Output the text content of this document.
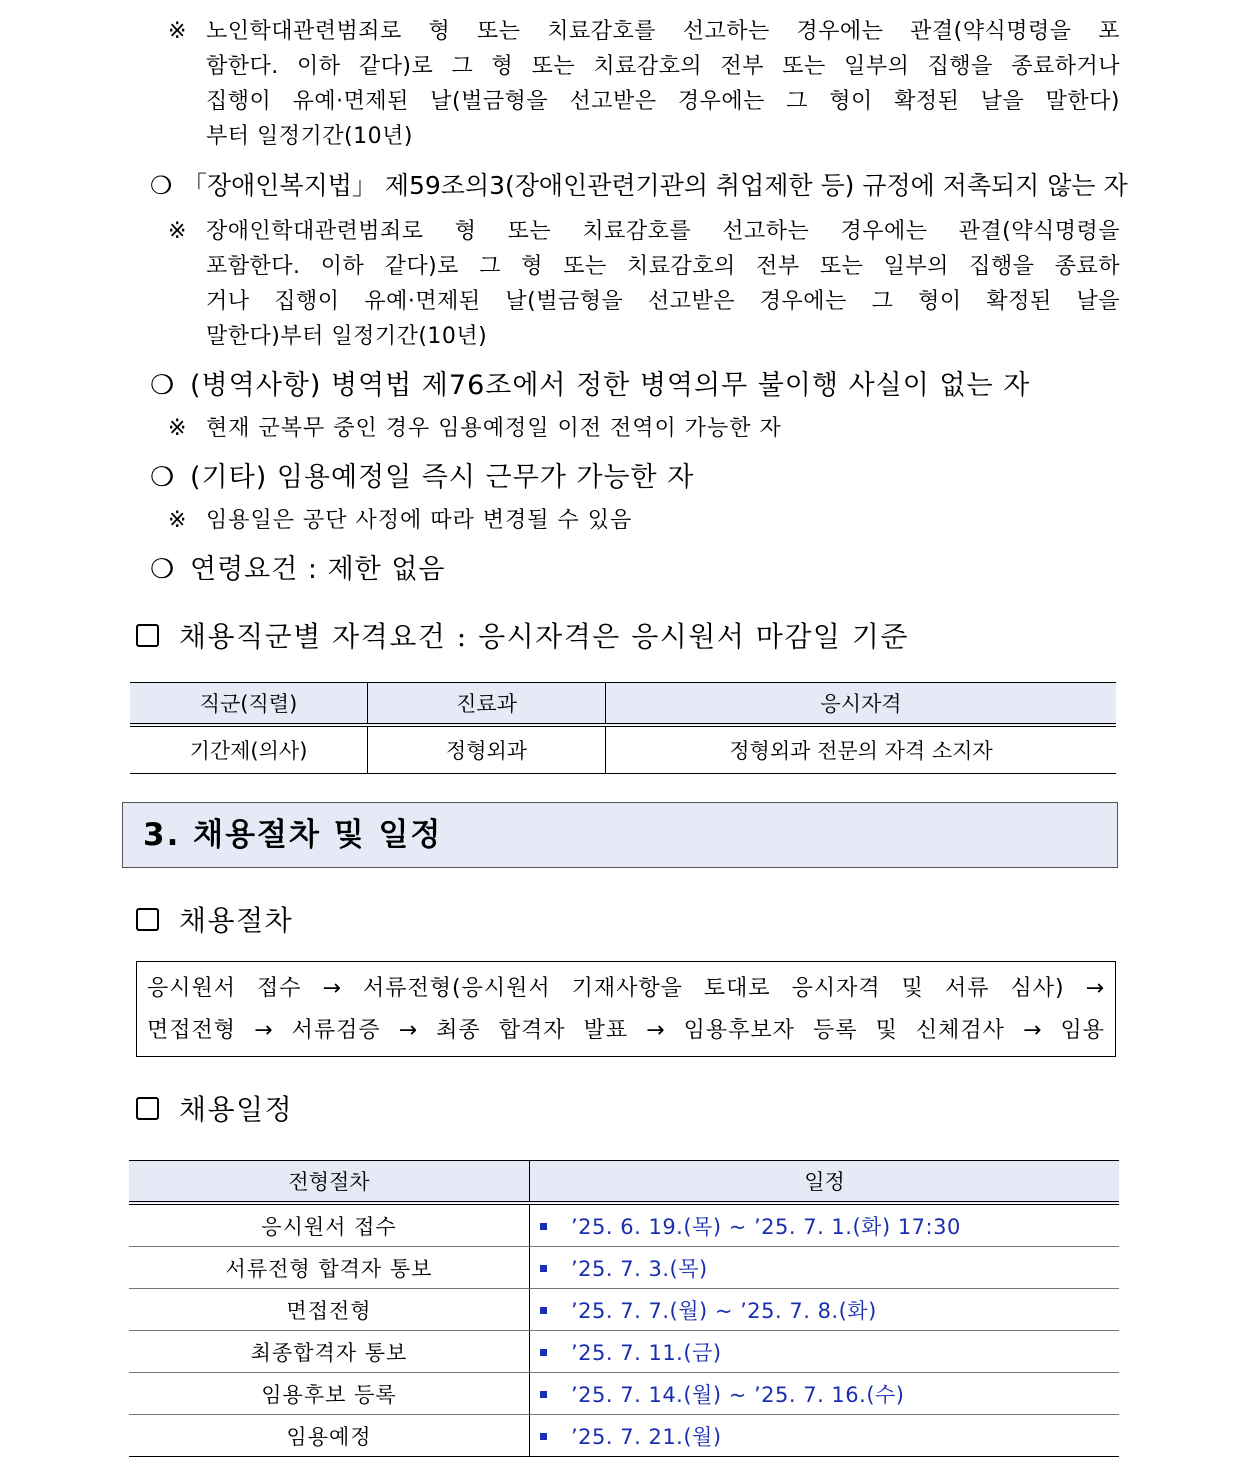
※ 노인학대관련범죄로 형 또는 치료감호를 선고하는 경우에는 관결(약식명령을 포
함한다. 이하 같다)로 그 형 또는 치료감호의 전부 또는 일부의 집행을 종료하거나
집행이 유예·면제된 날(벌금형을 선고받은 경우에는 그 형이 확정된 날을 말한다)
부터 일정기간(10년)
❍ 「장애인복지법」 제59조의3(장애인관련기관의 취업제한 등) 규정에 저촉되지 않는 자
※ 장애인학대관련범죄로 형 또는 치료감호를 선고하는 경우에는 관결(약식명령을
포함한다. 이하 같다)로 그 형 또는 치료감호의 전부 또는 일부의 집행을 종료하
거나 집행이 유예·면제된 날(벌금형을 선고받은 경우에는 그 형이 확정된 날을
말한다)부터 일정기간(10년)
❍ (병역사항) 병역법 제76조에서 정한 병역의무 불이행 사실이 없는 자
※ 현재 군복무 중인 경우 임용예정일 이전 전역이 가능한 자
❍ (기타) 임용예정일 즉시 근무가 가능한 자
※ 임용일은 공단 사정에 따라 변경될 수 있음
❍ 연령요건 : 제한 없음
채용직군별 자격요건 : 응시자격은 응시원서 마감일 기준
직군(직렬)	진료과	응시자격
기간제(의사)	정형외과	정형외과 전문의 자격 소지자
3. 채용절차 및 일정
채용절차
응시원서 접수 → 서류전형(응시원서 기재사항을 토대로 응시자격 및 서류 심사) →
면접전형 → 서류검증 → 최종 합격자 발표 → 임용후보자 등록 및 신체검사 → 임용
채용일정
전형절차	일정
응시원서 접수	’25. 6. 19.(목) ~ ’25. 7. 1.(화) 17:30
서류전형 합격자 통보	’25. 7. 3.(목)
면접전형	’25. 7. 7.(월) ~ ’25. 7. 8.(화)
최종합격자 통보	’25. 7. 11.(금)
임용후보 등록	’25. 7. 14.(월) ~ ’25. 7. 16.(수)
임용예정	’25. 7. 21.(월)
